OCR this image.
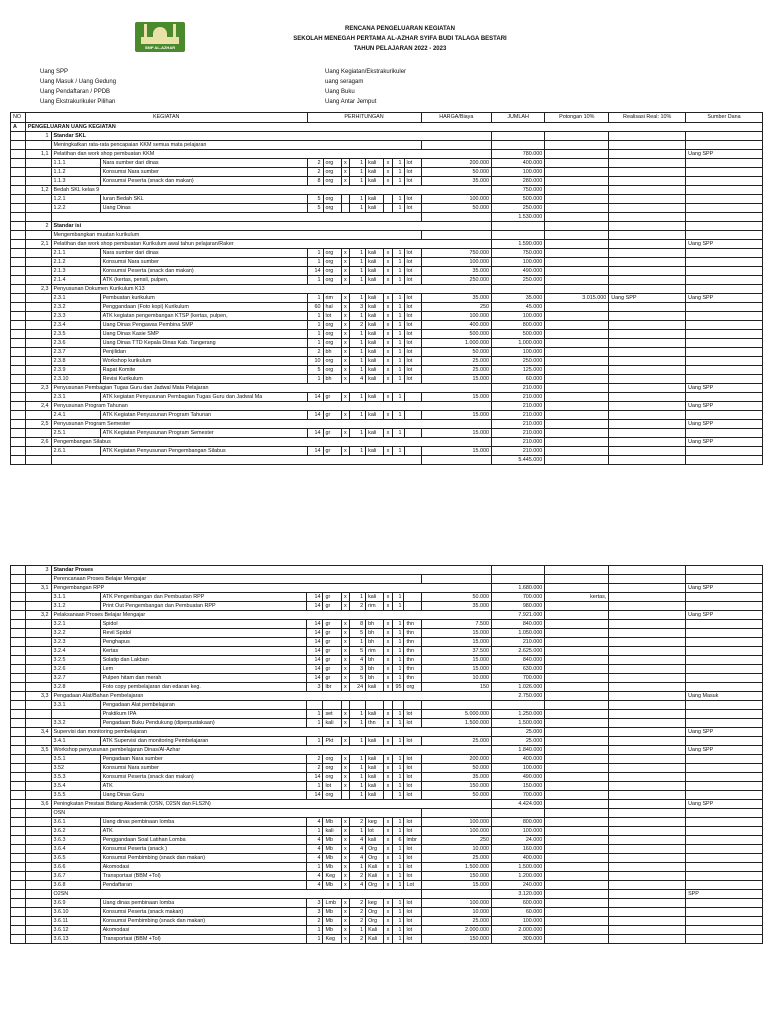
SMP AL-AZHAR
RENCANA PENGELUARAN KEGIATAN
SEKOLAH MENEGAH PERTAMA AL-AZHAR SYIFA BUDI TALAGA BESTARI
TAHUN PELAJARAN 2022 - 2023
Uang SPP
Uang Masuk / Uang Gedung
Uang Pendaftaran / PPDB
Uang Ekstrakurikuler Pilihan
Uang Kegiatan/Ekstrakurikuler
uang seragam
Uang Buku
Uang Antar Jemput
NO	KEGIATAN			PERHITUNGAN								HARGA/Biaya	JUMLAH	Potongan 10%	Realisasi Real: 10%	Sumber Dana
A	PENGELUARAN UANG KEGIATAN															
	1	Standar SKL														
		Meningkatkan rata-rata pencapaian KKM semua mata pelajaran														
	1,1	Pelatihan dan work shop pembuatan KKM											780.000			Uang SPP
		1.1.1	Nara sumber dari dinas	2	org	x	1	kali	x	1	lot	200.000	400.000			
		1.1.2	Konsumsi Nara sumber	2	org	x	1	kali	x	1	lot	50.000	100.000			
		1.1.3	Konsumsi Peserta (snack dan makan)	8	org	x	1	kali	x	1	lot	35.000	280.000			
	1,2	Bedah SKL kelas 9											750.000			
		1.2.1	Iuran Bedah SKL	5	org		1	kali		1	lot	100.000	500.000			
		1.2.2	Uang Dinas	5	org		1	kali		1	lot	50.000	250.000			
													1.530.000			
	2	Standar isi														
		Mengembangkan muatan kurikulum														
	2,1	Pelatihan dan work shop pembuatan Kurikulum awal tahun pelajaran/Raker											1.590.000			Uang SPP
		2.1.1	Nara sumber dari dinas	1	org	x	1	kali	x	1	lot	750.000	750.000			
		2.1.2	Konsumsi Nara sumber	1	org	x	1	kali	x	1	lot	100.000	100.000			
		2.1.3	Konsumsi Peserta (snack dan makan)	14	org	x	1	kali	x	1	lot	35.000	490.000			
		2.1.4	ATK (kertas, pensil, pulpen,	1	org	x	1	kali	x	1	lot	250.000	250.000			
	2,3	Penyusunan Dokumen Kurikulum K13														
		2.3.1	Pembuatan kurikulum	1	rim	x	1	kali	x	1	lot	35.000	35.000	3.015.000	Uang SPP	Uang SPP
		2.3.2	Penggandaan (Foto kopi) Kurikulum	60	hal	x	3	kali	x	1	lot	250	45.000			
		2.3.3	ATK kegiatan pengembangan KTSP (kertas, pulpen,	1	lot	x	1	kali	x	1	lot	100.000	100.000			
		2.3.4	Uang Dinas Pengawas Pembina SMP	1	org	x	2	kali	x	1	lot	400.000	800.000			
		2.3.5	Uang Dinas Kasie SMP	1	org	x	1	kali	x	1	lot	500.000	500.000			
		2.3.6	Uang Dinas TTD Kepala Dinas Kab. Tangerang	1	org	x	1	kali	x	1	lot	1.000.000	1.000.000			
		2.3.7	Penjilidan	2	bh	x	1	kali	x	1	lot	50.000	100.000			
		2.3.8	Workshop kurikulum	10	org	x	1	kali	x	1	lot	25.000	250.000			
		2.3.9	Rapat Komite	5	org	x	1	kali	x	1	lot	25.000	125.000			
		2.3.10	Revisi Kurikulum	1	bh	x	4	kali	x	1	lot	15.000	60.000			
	2,3	Penyusunan Pembagian Tugas Guru dan Jadwal Mata Pelajaran											210.000			Uang SPP
		2.3.1	ATK kegiatan Penyusunan Pembagian Tugas Guru dan Jadwal Ma	14	gr	x	1	kali	x	1		15.000	210.000			
	2,4	Penyusunan Program Tahunan											210.000			Uang SPP
		2.4.1	ATK Kegiatan Penyusunan Program Tahunan	14	gr	x	1	kali	x	1		15.000	210.000			
	2,5	Penyusunan Program Semester											210.000			Uang SPP
		2.5.1	ATK Kegiatan Penyusunan Program Semester	14	gr	x	1	kali	x	1		15.000	210.000			
	2,6	Pengembangan Silabus											210.000			Uang SPP
		2.6.1	ATK Kegiatan Penyusunan Pengembangan Silabus	14	gr	x	1	kali	x	1		15.000	210.000			
													5.445.000			
	3	Standar Proses														
		Perencanaan Proses Belajar Mengajar														
	3,1	Pengembangan RPP											1.680.000			Uang SPP
		3.1.1	ATK Pengembangan dan Pembuatan RPP	14	gr	x	1	kali	x	1		50.000	700.000	kertas,		
		3.1.2	Print Out Pengembangan dan Pembuatan RPP	14	gr	x	2	rim	x	1		35.000	980.000			
	3,2	Pelaksanaan Proses Belajar Mengajar											7.921.000			Uang SPP
		3.2.1	Spidol	14	gr	x	8	bh	x	1	thn	7.500	840.000			
		3.2.2	Revil Spidol	14	gr	x	5	bh	x	1	thn	15.000	1.050.000			
		3.2.3	Penghapus	14	gr	x	1	bh	x	1	thn	15.000	210.000			
		3.2.4	Kertas	14	gr	x	5	rim	x	1	thn	37.500	2.625.000			
		3.2.5	Solatip dan Lakban	14	gr	x	4	bh	x	1	thn	15.000	840.000			
		3.2.6	Lem	14	gr	x	3	bh	x	1	thn	15.000	630.000			
		3.2.7	Pulpen hitam dan merah	14	gr	x	5	bh	x	1	thn	10.000	700.000			
		3.2.8	Foto copy pembelajaran dan edaran keg.	3	lbr	x	24	kali	x	95	org	150	1.026.000			
	3,3	Pengadaan Alat/Bahan Pembelajaran											2.750.000			Uang Masuk
		3.3.1	Pengadaan Alat pembelajaran													
			Praktikum IPA	1	set	x	1	kali	x	1	lot	5.000.000	1.250.000			
		3.3.2	Pengadaan Buku Pendukung (diperpustakaan)	1	kali	x	1	thn	x	1	lot	1.500.000	1.500.000			
	3,4	Supervisi dan monitoring pembelajaran											25.000			Uang SPP
		3.4.1	ATK Supervisi dan monitoring Pembelajaran	1	Pkt	x	1	kali	x	1	lot	25.000	25.000			
	3,5	Workshop penyusunan pembelajaran Dinas/Al-Azhar											1.840.000			Uang SPP
		3.5.1	Pengadaan Nara sumber	2	org	x	1	kali	x	1	lot	200.000	400.000			
		3.52	Konsumsi Nara sumber	2	org	x	1	kali	x	1	lot	50.000	100.000			
		3.5.3	Konsumsi Peserta (snack dan makan)	14	org	x	1	kali	x	1	lot	35.000	490.000			
		3.5.4	ATK	1	lot	x	1	kali	x	1	lot	150.000	150.000			
		3.5.5	Uang Dinas Guru	14	org		1	kali		1	lot	50.000	700.000			
	3,6	Peningkatan Prestasi Bidang Akademik (OSN, O2SN dan FLS2N)											4.424.000			Uang SPP
		OSN														
		3.6.1	Uang dinas pembinaan lomba	4	Mb	x	2	keg	x	1	lot	100.000	800.000			
		3.6.2	ATK	1	kali	x	1	lot	x	1	lot	100.000	100.000			
		3.6.3	Penggandaan Soal Latihan Lomba	4	Mb	x	4	kali	x	6	lmbr	250	24.000			
		3.6.4	Konsumsi Peserta (snack )	4	Mb	x	4	Org	x	1	lot	10.000	160.000			
		3.6.5	Konsumsi Pembimbing (snack dan makan)	4	Mb	x	4	Org	x	1	lot	25.000	400.000			
		3.6.6	Akomodasi	1	Mb	x	1	Kali	x	1	lot	1.500.000	1.500.000			
		3.6.7	Transportasi (BBM +Tol)	4	Keg	x	2	Kali	x	1	lot	150.000	1.200.000			
		3.6.8	Pendaftaran	4	Mb	x	4	Org	x	1	Lot	15.000	240.000			
		O2SN											3.120.000			SPP
		3.6.9	Uang dinas pembinaan lomba	3	Lmb	x	2	keg	x	1	lot	100.000	600.000			
		3.6.10	Konsumsi Peserta (snack makan)	3	Mb	x	2	Org	x	1	lot	10.000	60.000			
		3.6.11	Konsumsi Pembimbing (snack dan makan)	2	Mb	x	2	Org	x	1	lot	25.000	100.000			
		3.6.12	Akomodasi	1	Mb	x	1	Kali	x	1	lot	2.000.000	2.000.000			
		3.6.13	Transportasi (BBM +Tol)	1	Keg	x	2	Kali	x	1	lot	150.000	300.000			
